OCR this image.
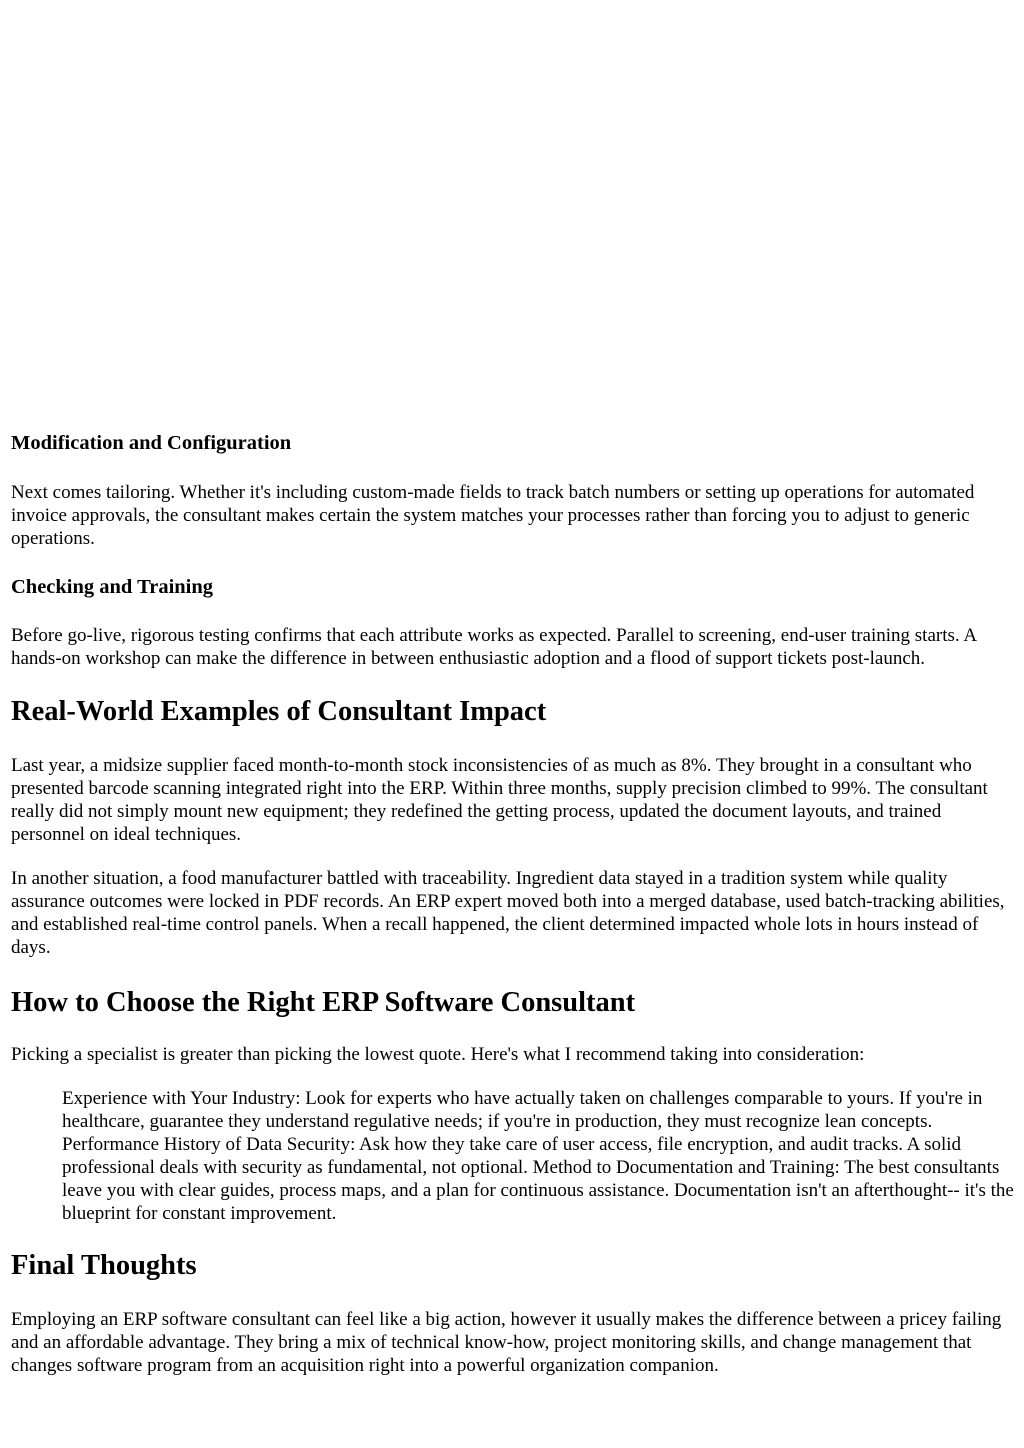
Modification and Configuration

Next comes tailoring. Whether it's including custom-made fields to track batch numbers or setting up operations for automated invoice approvals, the consultant makes certain the system matches your processes rather than forcing you to adjust to generic operations.

Checking and Training

Before go-live, rigorous testing confirms that each attribute works as expected. Parallel to screening, end-user training starts. A hands-on workshop can make the difference in between enthusiastic adoption and a flood of support tickets post-launch.

Real-World Examples of Consultant Impact

Last year, a midsize supplier faced month-to-month stock inconsistencies of as much as 8%. They brought in a consultant who presented barcode scanning integrated right into the ERP. Within three months, supply precision climbed to 99%. The consultant really did not simply mount new equipment; they redefined the getting process, updated the document layouts, and trained personnel on ideal techniques.

In another situation, a food manufacturer battled with traceability. Ingredient data stayed in a tradition system while quality assurance outcomes were locked in PDF records. An ERP expert moved both into a merged database, used batch-tracking abilities, and established real-time control panels. When a recall happened, the client determined impacted whole lots in hours instead of days.

How to Choose the Right ERP Software Consultant

Picking a specialist is greater than picking the lowest quote. Here's what I recommend taking into consideration:

Experience with Your Industry: Look for experts who have actually taken on challenges comparable to yours. If you're in healthcare, guarantee they understand regulative needs; if you're in production, they must recognize lean concepts. Performance History of Data Security: Ask how they take care of user access, file encryption, and audit tracks. A solid professional deals with security as fundamental, not optional. Method to Documentation and Training: The best consultants leave you with clear guides, process maps, and a plan for continuous assistance. Documentation isn't an afterthought-- it's the blueprint for constant improvement.
Final Thoughts

Employing an ERP software consultant can feel like a big action, however it usually makes the difference between a pricey failing and an affordable advantage. They bring a mix of technical know-how, project monitoring skills, and change management that changes software program from an acquisition right into a powerful organization companion.
